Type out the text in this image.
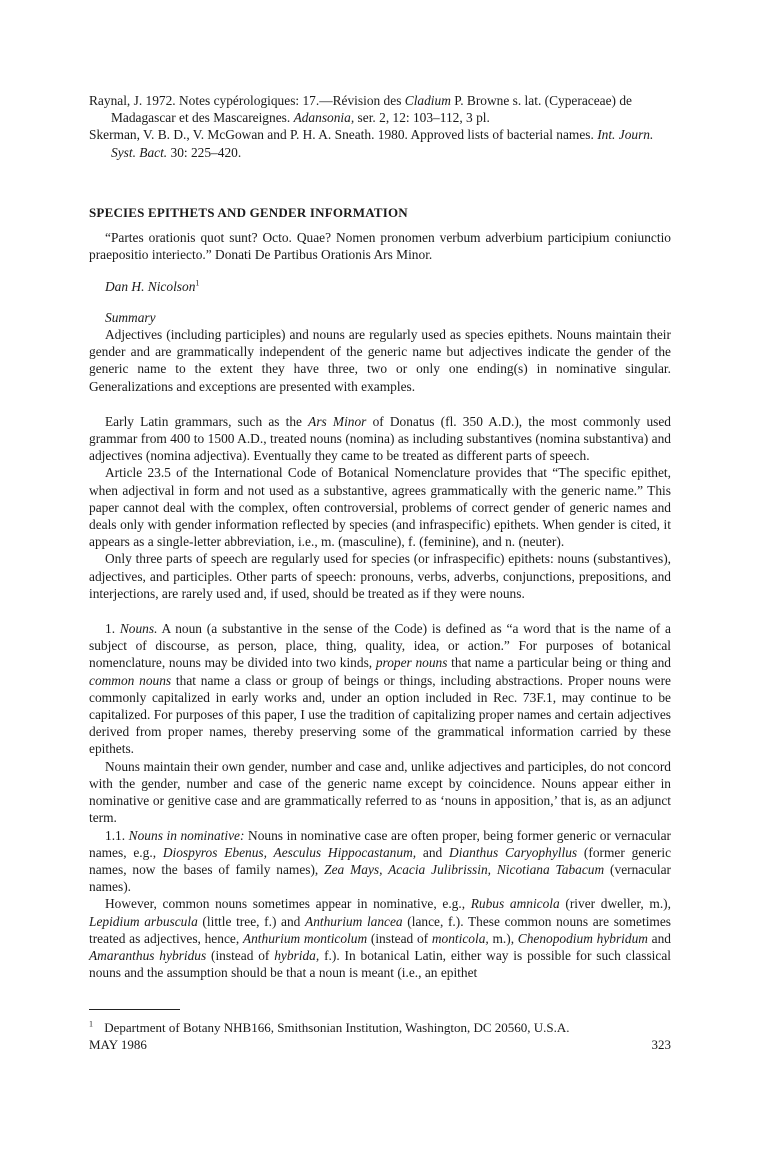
Raynal, J. 1972. Notes cypérologiques: 17.—Révision des Cladium P. Browne s. lat. (Cyperaceae) de Madagascar et des Mascareignes. Adansonia, ser. 2, 12: 103–112, 3 pl.

Skerman, V. B. D., V. McGowan and P. H. A. Sneath. 1980. Approved lists of bacterial names. Int. Journ. Syst. Bact. 30: 225–420.

SPECIES EPITHETS AND GENDER INFORMATION

“Partes orationis quot sunt? Octo. Quae? Nomen pronomen verbum adverbium participium coniunctio praepositio interiecto.” Donati De Partibus Orationis Ars Minor.

Dan H. Nicolson$^1$

Summary

Adjectives (including participles) and nouns are regularly used as species epithets. Nouns maintain their gender and are grammatically independent of the generic name but adjectives indicate the gender of the generic name to the extent they have three, two or only one ending(s) in nominative singular. Generalizations and exceptions are presented with examples.

Early Latin grammars, such as the Ars Minor of Donatus (fl. 350 A.D.), the most commonly used grammar from 400 to 1500 A.D., treated nouns (nomina) as including substantives (nomina substantiva) and adjectives (nomina adjectiva). Eventually they came to be treated as different parts of speech.

Article 23.5 of the International Code of Botanical Nomenclature provides that “The specific epithet, when adjectival in form and not used as a substantive, agrees grammatically with the generic name.” This paper cannot deal with the complex, often controversial, problems of correct gender of generic names and deals only with gender information reflected by species (and infraspecific) epithets. When gender is cited, it appears as a single-letter abbreviation, i.e., m. (masculine), f. (feminine), and n. (neuter).

Only three parts of speech are regularly used for species (or infraspecific) epithets: nouns (substantives), adjectives, and participles. Other parts of speech: pronouns, verbs, adverbs, conjunctions, prepositions, and interjections, are rarely used and, if used, should be treated as if they were nouns.

1. Nouns. A noun (a substantive in the sense of the Code) is defined as “a word that is the name of a subject of discourse, as person, place, thing, quality, idea, or action.” For purposes of botanical nomenclature, nouns may be divided into two kinds, proper nouns that name a particular being or thing and common nouns that name a class or group of beings or things, including abstractions. Proper nouns were commonly capitalized in early works and, under an option included in Rec. 73F.1, may continue to be capitalized. For purposes of this paper, I use the tradition of capitalizing proper names and certain adjectives derived from proper names, thereby preserving some of the grammatical information carried by these epithets.

Nouns maintain their own gender, number and case and, unlike adjectives and participles, do not concord with the gender, number and case of the generic name except by coincidence. Nouns appear either in nominative or genitive case and are grammatically referred to as ‘nouns in apposition,’ that is, as an adjunct term.

1.1. Nouns in nominative: Nouns in nominative case are often proper, being former generic or vernacular names, e.g., Diospyros Ebenus, Aesculus Hippocastanum, and Dianthus Caryophyllus (former generic names, now the bases of family names), Zea Mays, Acacia Julibrissin, Nicotiana Tabacum (vernacular names).

However, common nouns sometimes appear in nominative, e.g., Rubus amnicola (river dweller, m.), Lepidium arbuscula (little tree, f.) and Anthurium lancea (lance, f.). These common nouns are sometimes treated as adjectives, hence, Anthurium monticolum (instead of monticola, m.), Chenopodium hybridum and Amaranthus hybridus (instead of hybrida, f.). In botanical Latin, either way is possible for such classical nouns and the assumption should be that a noun is meant (i.e., an epithet

$^1$ Department of Botany NHB166, Smithsonian Institution, Washington, DC 20560, U.S.A.
MAY 1986	323
